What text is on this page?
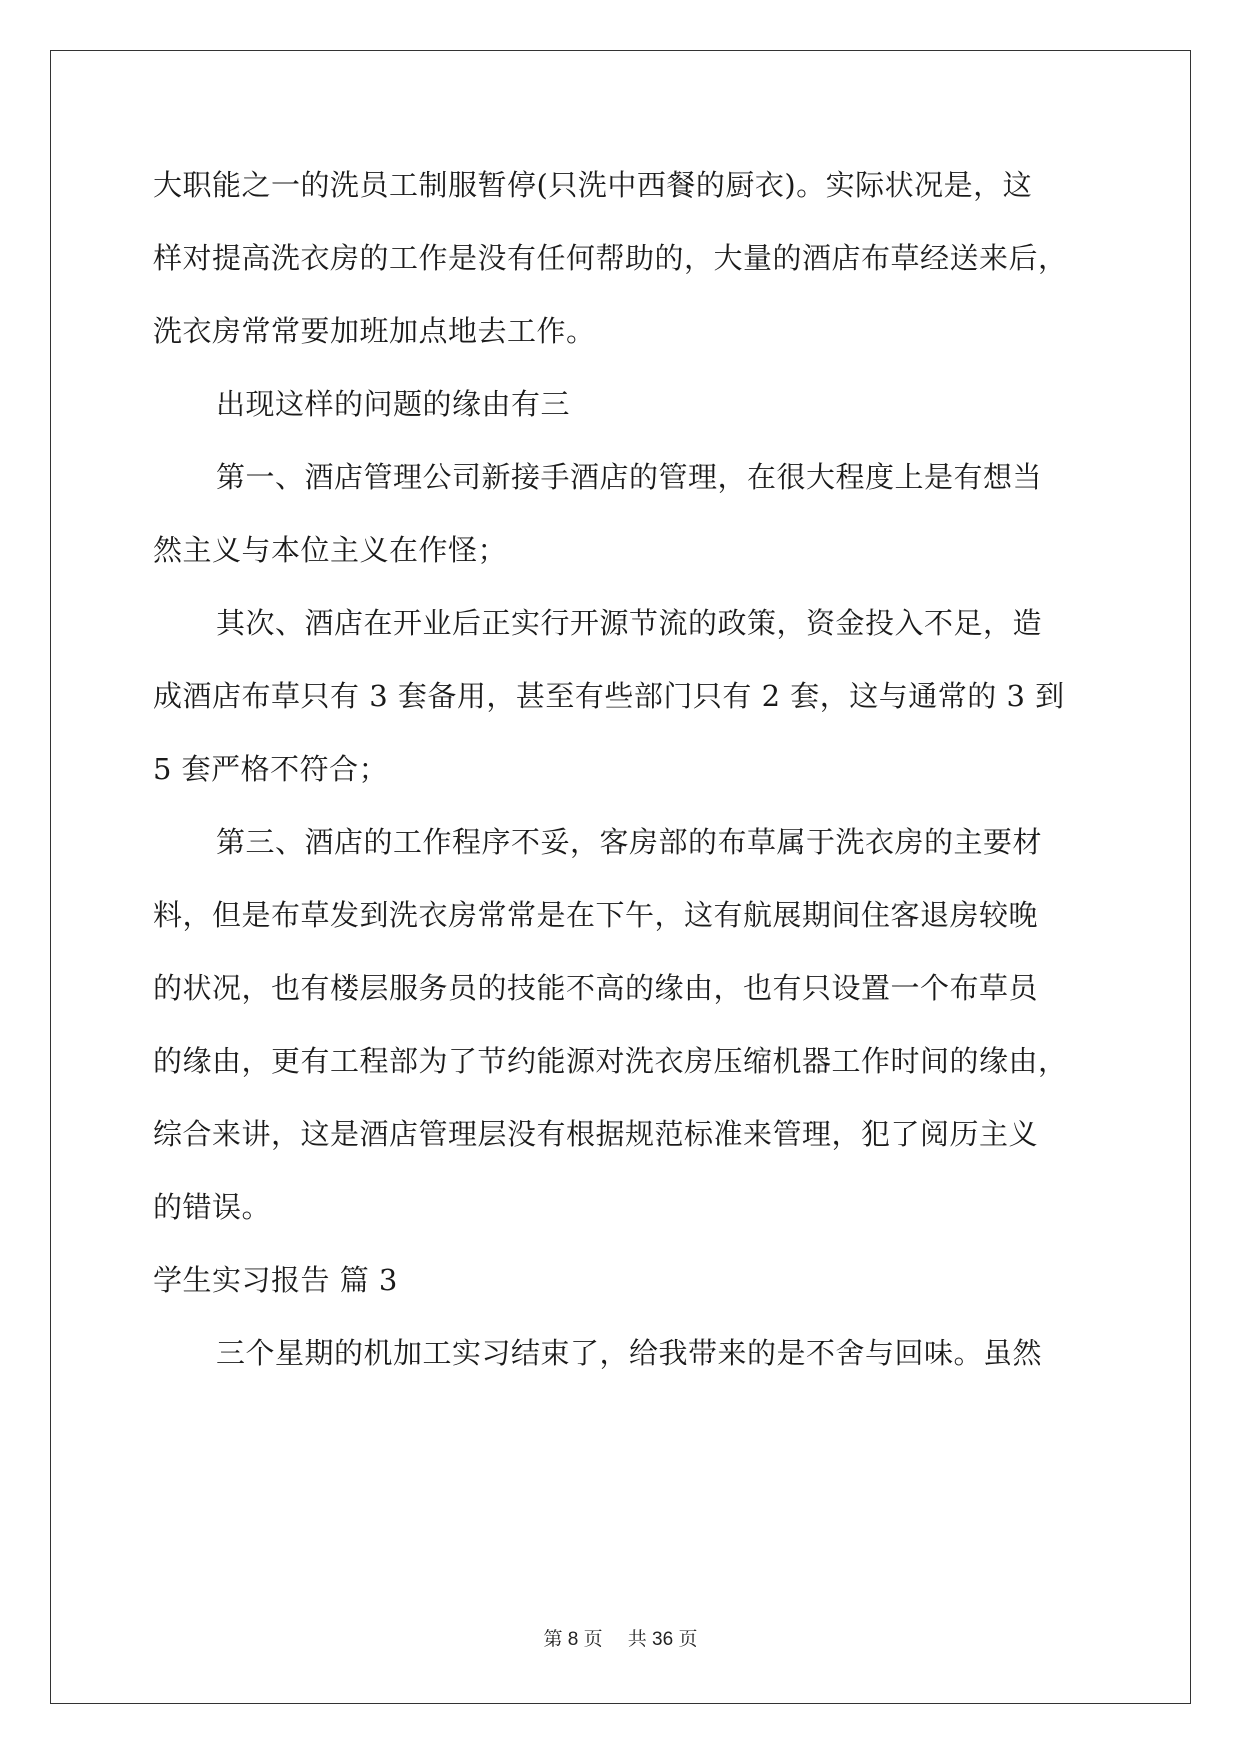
大职能之一的洗员工制服暂停(只洗中西餐的厨衣)。实际状况是，这
样对提高洗衣房的工作是没有任何帮助的，大量的酒店布草经送来后，
洗衣房常常要加班加点地去工作。
出现这样的问题的缘由有三
第一、酒店管理公司新接手酒店的管理，在很大程度上是有想当
然主义与本位主义在作怪；
其次、酒店在开业后正实行开源节流的政策，资金投入不足，造
成酒店布草只有 3 套备用，甚至有些部门只有 2 套，这与通常的 3 到
5 套严格不符合；
第三、酒店的工作程序不妥，客房部的布草属于洗衣房的主要材
料，但是布草发到洗衣房常常是在下午，这有航展期间住客退房较晚
的状况，也有楼层服务员的技能不高的缘由，也有只设置一个布草员
的缘由，更有工程部为了节约能源对洗衣房压缩机器工作时间的缘由，
综合来讲，这是酒店管理层没有根据规范标准来管理，犯了阅历主义
的错误。
学生实习报告 篇 3
三个星期的机加工实习结束了，给我带来的是不舍与回味。虽然
第 8 页 共 36 页
